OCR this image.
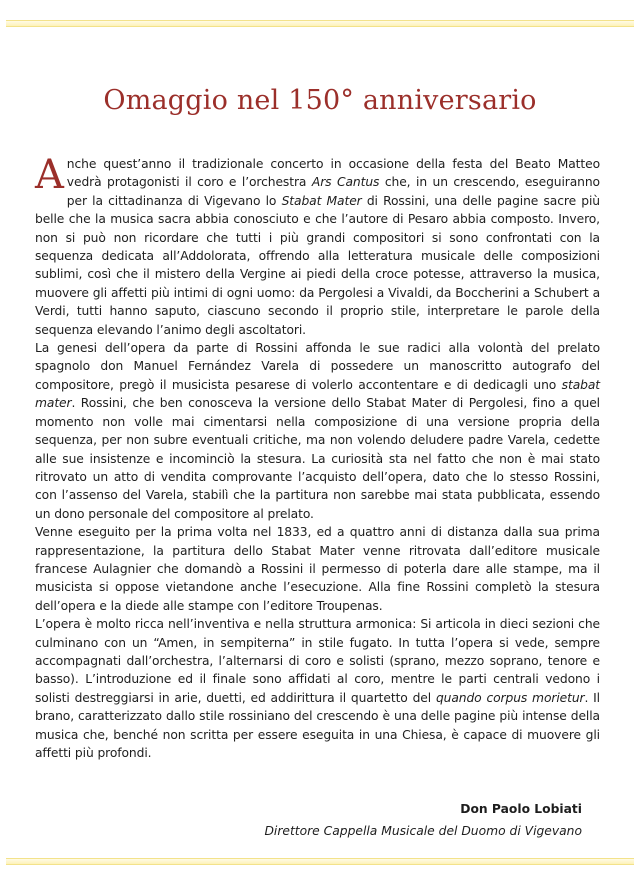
Omaggio nel 150° anniversario

Anche quest’anno il tradizionale concerto in occasione della festa del Beato Matteo vedrà protagonisti il coro e l’orchestra Ars Cantus che, in un crescendo, eseguiranno per la cittadinanza di Vigevano lo Stabat Mater di Rossini, una delle pagine sacre più belle che la musica sacra abbia conosciuto e che l’autore di Pesaro abbia composto. Invero, non si può non ricordare che tutti i più grandi compositori si sono confrontati con la sequenza dedicata all’Addolorata, offrendo alla letteratura musicale delle composizioni sublimi, così che il mistero della Vergine ai piedi della croce potesse, attraverso la musica, muovere gli affetti più intimi di ogni uomo: da Pergolesi a Vivaldi, da Boccherini a Schubert a Verdi, tutti hanno saputo, ciascuno secondo il proprio stile, interpretare le parole della sequenza elevando l’animo degli ascoltatori.

La genesi dell’opera da parte di Rossini affonda le sue radici alla volontà del prelato spagnolo don Manuel Fernández Varela di possedere un manoscritto autografo del compositore, pregò il musicista pesarese di volerlo accontentare e di dedicagli uno stabat mater. Rossini, che ben conosceva la versione dello Stabat Mater di Pergolesi, fino a quel momento non volle mai cimentarsi nella composizione di una versione propria della sequenza, per non subre eventuali critiche, ma non volendo deludere padre Varela, cedette alle sue insistenze e incominciò la stesura. La curiosità sta nel fatto che non è mai stato ritrovato un atto di vendita comprovante l’acquisto dell’opera, dato che lo stesso Rossini, con l’assenso del Varela, stabilì che la partitura non sarebbe mai stata pubblicata, essendo un dono personale del compositore al prelato.

Venne eseguito per la prima volta nel 1833, ed a quattro anni di distanza dalla sua prima rappresentazione, la partitura dello Stabat Mater venne ritrovata dall’editore musicale francese Aulagnier che domandò a Rossini il permesso di poterla dare alle stampe, ma il musicista si oppose vietandone anche l’esecuzione. Alla fine Rossini completò la stesura dell’opera e la diede alle stampe con l’editore Troupenas.

L’opera è molto ricca nell’inventiva e nella struttura armonica: Si articola in dieci sezioni che culminano con un “Amen, in sempiterna” in stile fugato. In tutta l’opera si vede, sempre accompagnati dall’orchestra, l’alternarsi di coro e solisti (sprano, mezzo soprano, tenore e basso). L’introduzione ed il finale sono affidati al coro, mentre le parti centrali vedono i solisti destreggiarsi in arie, duetti, ed addirittura il quartetto del quando corpus morietur. Il brano, caratterizzato dallo stile rossiniano del crescendo è una delle pagine più intense della musica che, benché non scritta per essere eseguita in una Chiesa, è capace di muovere gli affetti più profondi.

Don Paolo Lobiati
Direttore Cappella Musicale del Duomo di Vigevano
